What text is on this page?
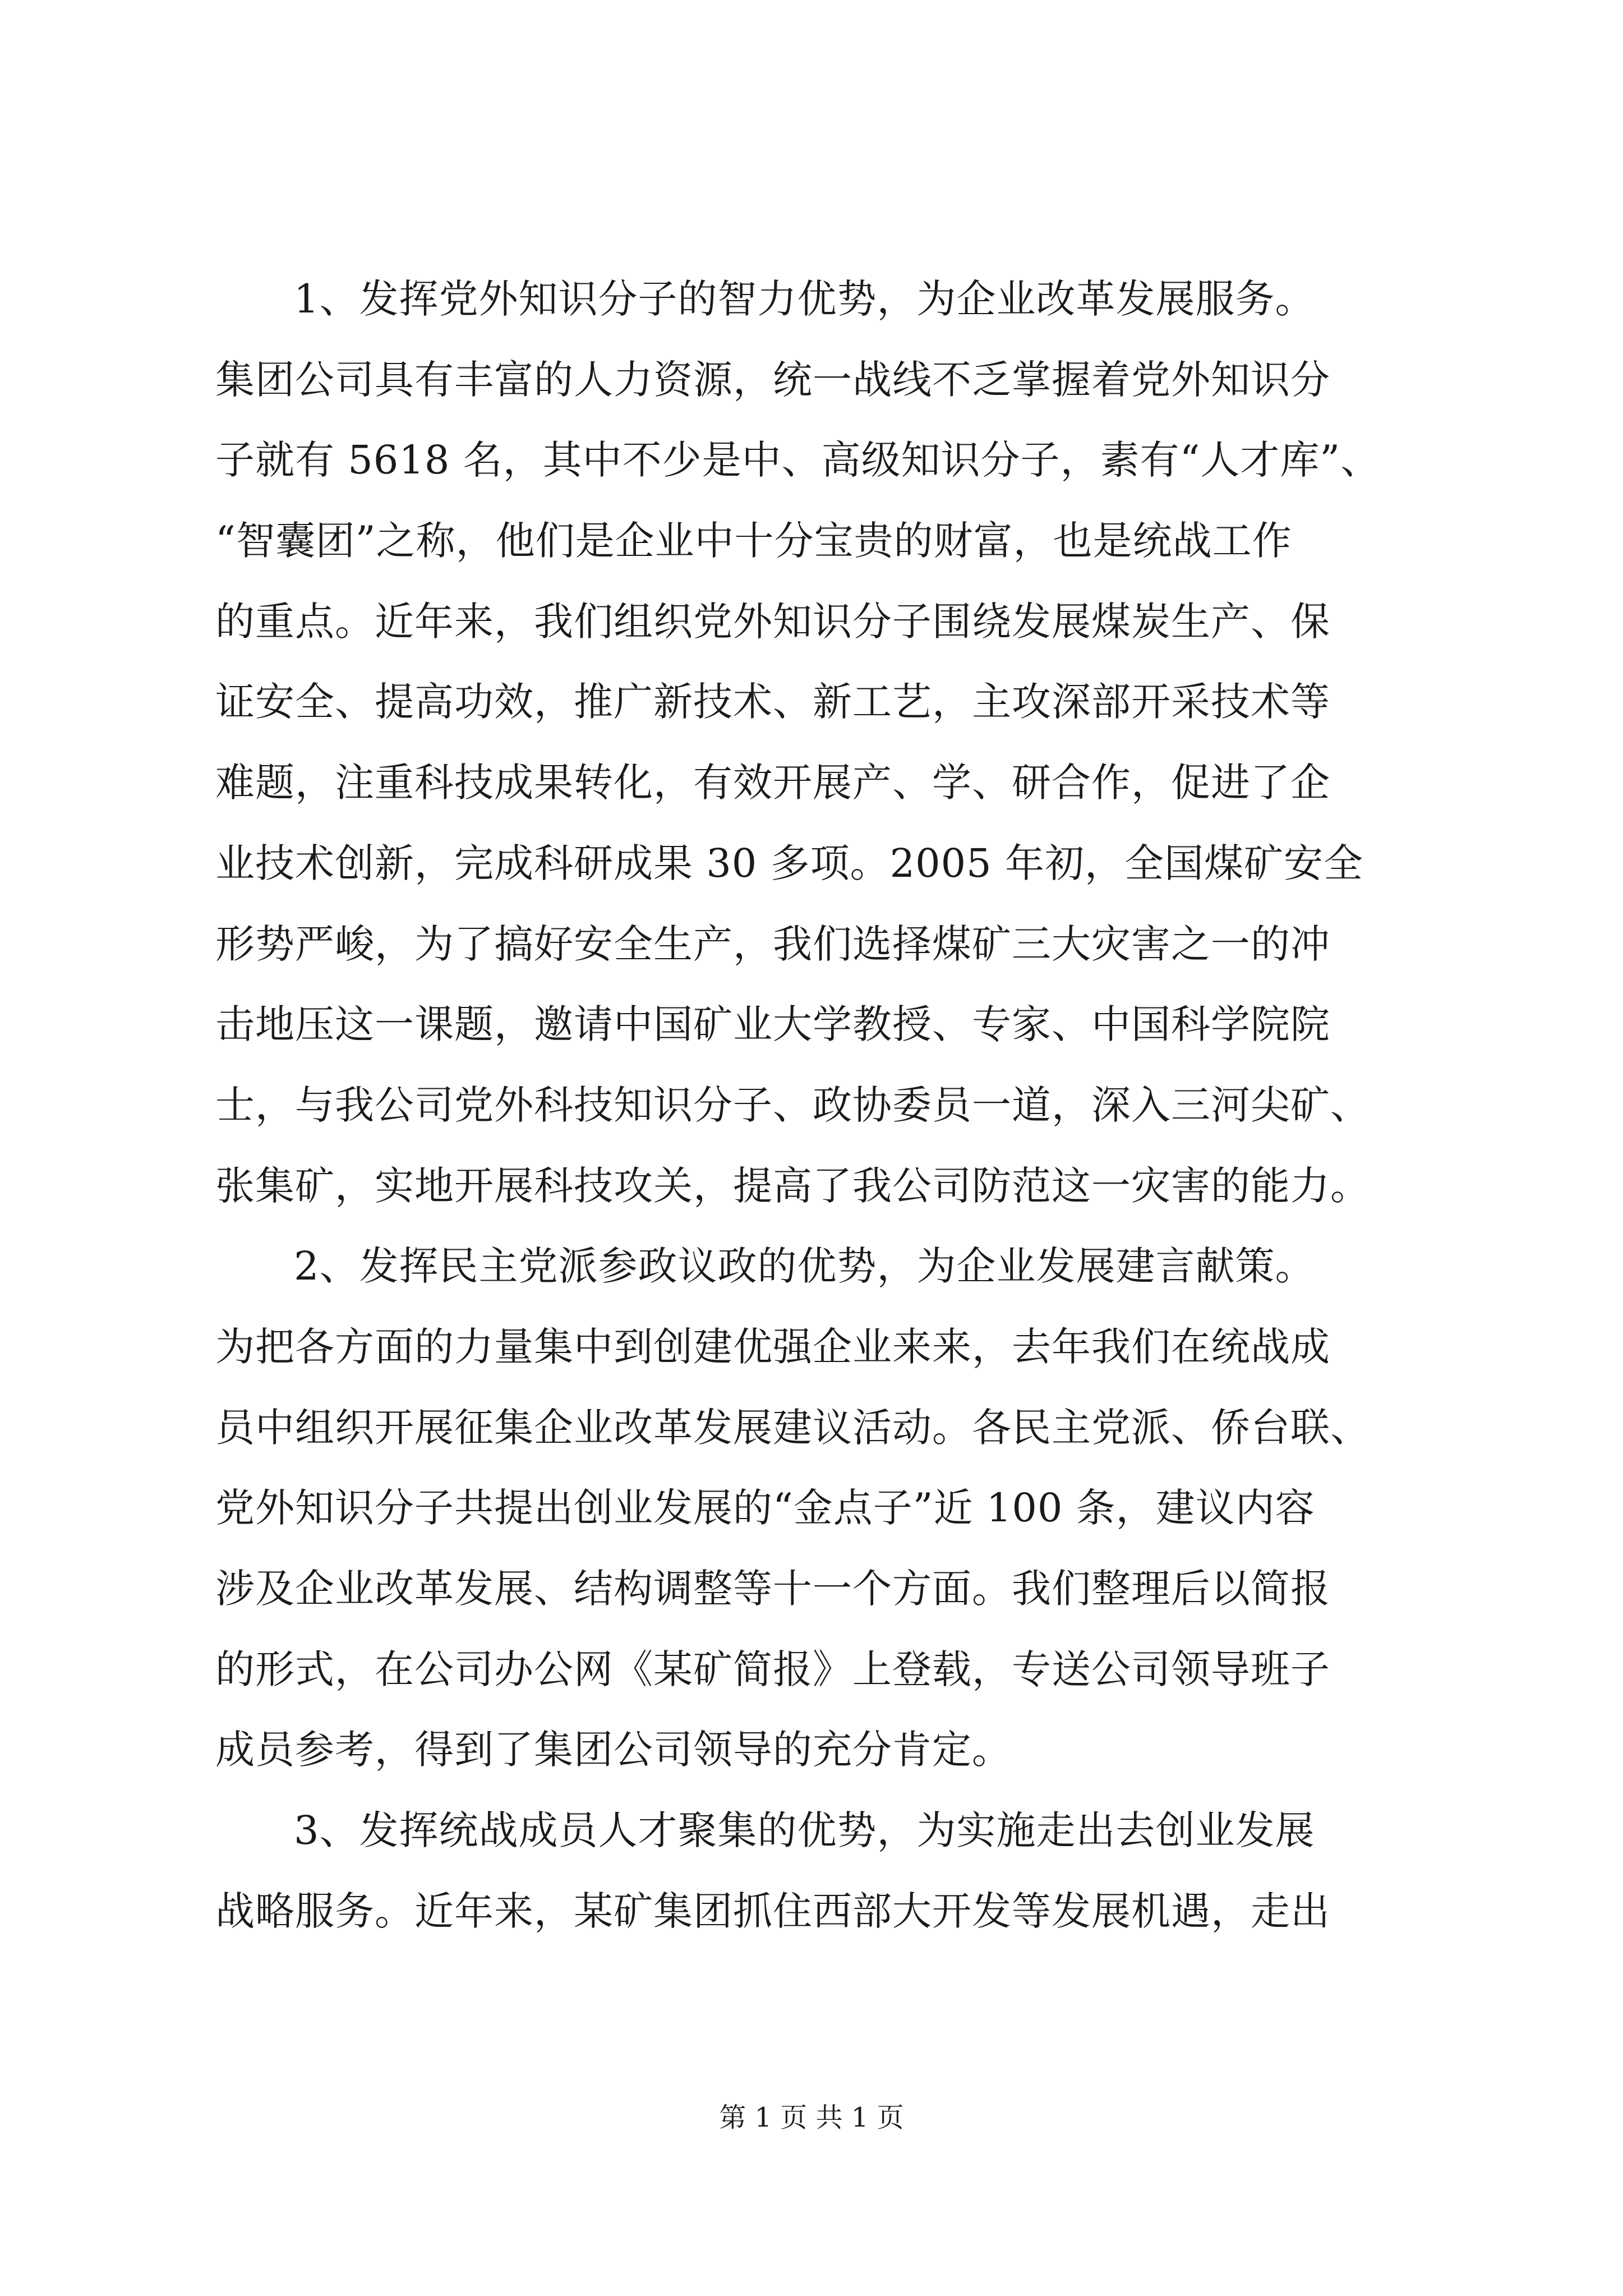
1、发挥党外知识分子的智力优势，为企业改革发展服务。
集团公司具有丰富的人力资源，统一战线不乏掌握着党外知识分
子就有 5618 名，其中不少是中、高级知识分子，素有“人才库”、
“智囊团”之称，他们是企业中十分宝贵的财富，也是统战工作
的重点。近年来，我们组织党外知识分子围绕发展煤炭生产、保
证安全、提高功效，推广新技术、新工艺，主攻深部开采技术等
难题，注重科技成果转化，有效开展产、学、研合作，促进了企
业技术创新，完成科研成果 30 多项。2005 年初，全国煤矿安全
形势严峻，为了搞好安全生产，我们选择煤矿三大灾害之一的冲
击地压这一课题，邀请中国矿业大学教授、专家、中国科学院院
士，与我公司党外科技知识分子、政协委员一道，深入三河尖矿、
张集矿，实地开展科技攻关，提高了我公司防范这一灾害的能力。
2、发挥民主党派参政议政的优势，为企业发展建言献策。
为把各方面的力量集中到创建优强企业来来，去年我们在统战成
员中组织开展征集企业改革发展建议活动。各民主党派、侨台联、
党外知识分子共提出创业发展的“金点子”近 100 条，建议内容
涉及企业改革发展、结构调整等十一个方面。我们整理后以简报
的形式，在公司办公网《某矿简报》上登载，专送公司领导班子
成员参考，得到了集团公司领导的充分肯定。
3、发挥统战成员人才聚集的优势，为实施走出去创业发展
战略服务。近年来，某矿集团抓住西部大开发等发展机遇，走出
第 1 页 共 1 页
